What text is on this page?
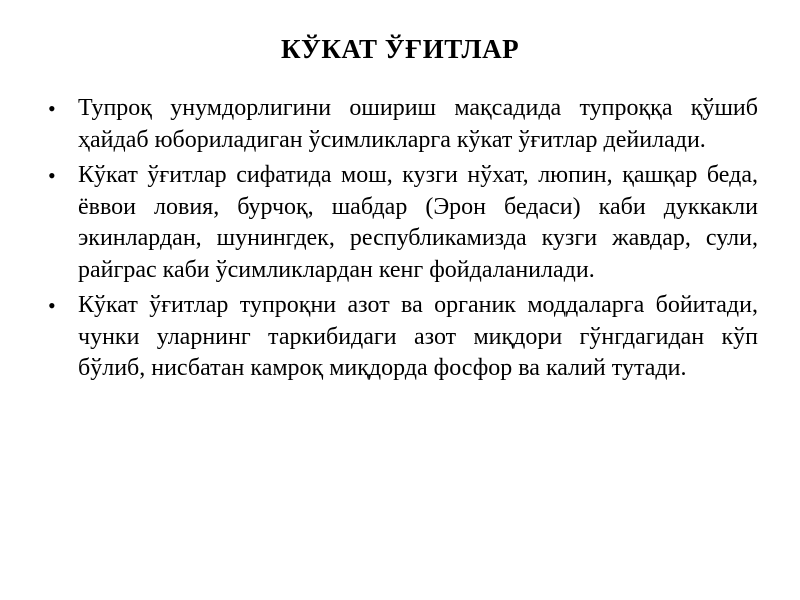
КЎКАТ ЎҒИТЛАР
• Тупроқ унумдорлигини ошириш мақсадида тупроққа қўшиб ҳайдаб юбориладиган ўсимликларга кўкат ўғитлар дейилади.
• Кўкат ўғитлар сифатида мош, кузги нўхат, люпин, қашқар беда, ёввои ловия, бурчоқ, шабдар (Эрон бедаси) каби дуккакли экинлардан, шунингдек, республикамизда кузги жавдар, сули, райграс каби ўсимликлардан кенг фойдаланилади.
• Кўкат ўғитлар тупроқни азот ва органик моддаларга бойитади, чунки уларнинг таркибидаги азот миқдори гўнгдагидан кўп бўлиб, нисбатан камроқ миқдорда фосфор ва калий тутади.
